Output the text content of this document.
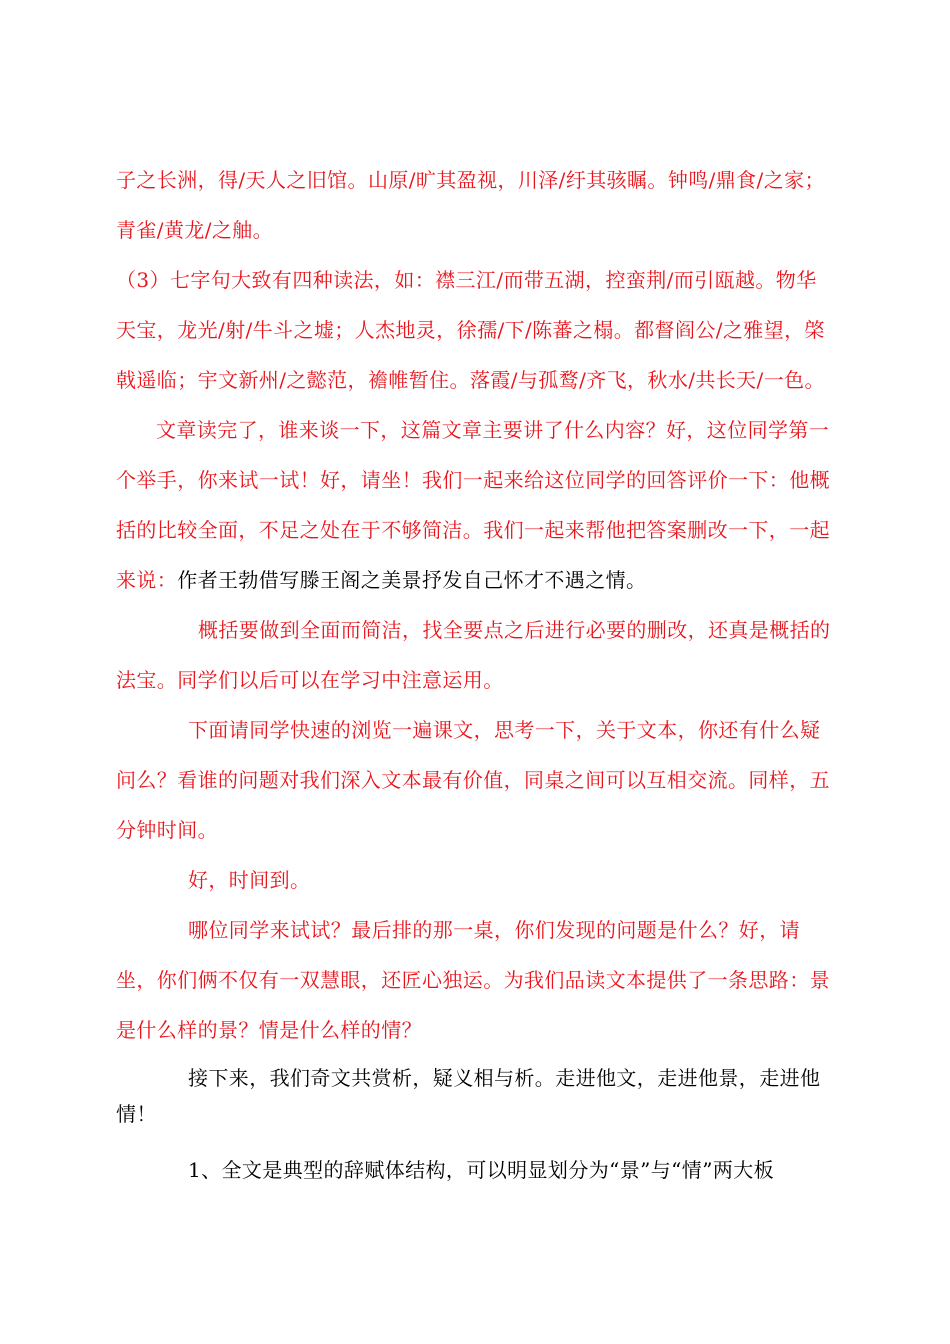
子之长洲，得/天人之旧馆。山原/旷其盈视，川泽/纡其骇瞩。钟鸣/鼎食/之家；青雀/黄龙/之舳。

（3）七字句大致有四种读法，如：襟三江/而带五湖，控蛮荆/而引瓯越。物华天宝，龙光/射/牛斗之墟；人杰地灵，徐孺/下/陈蕃之榻。都督阎公/之雅望，棨戟遥临；宇文新州/之懿范，襜帷暂住。落霞/与孤鹜/齐飞，秋水/共长天/一色。

文章读完了，谁来谈一下，这篇文章主要讲了什么内容？好，这位同学第一个举手，你来试一试！好，请坐！我们一起来给这位同学的回答评价一下：他概括的比较全面，不足之处在于不够简洁。我们一起来帮他把答案删改一下，一起来说：作者王勃借写滕王阁之美景抒发自己怀才不遇之情。

概括要做到全面而简洁，找全要点之后进行必要的删改，还真是概括的法宝。同学们以后可以在学习中注意运用。

下面请同学快速的浏览一遍课文，思考一下，关于文本，你还有什么疑问么？看谁的问题对我们深入文本最有价值，同桌之间可以互相交流。同样，五分钟时间。

好，时间到。

哪位同学来试试？最后排的那一桌，你们发现的问题是什么？好，请坐，你们俩不仅有一双慧眼，还匠心独运。为我们品读文本提供了一条思路：景是什么样的景？情是什么样的情？

接下来，我们奇文共赏析，疑义相与析。走进他文，走进他景，走进他情！

1、全文是典型的辞赋体结构，可以明显划分为“景”与“情”两大板
